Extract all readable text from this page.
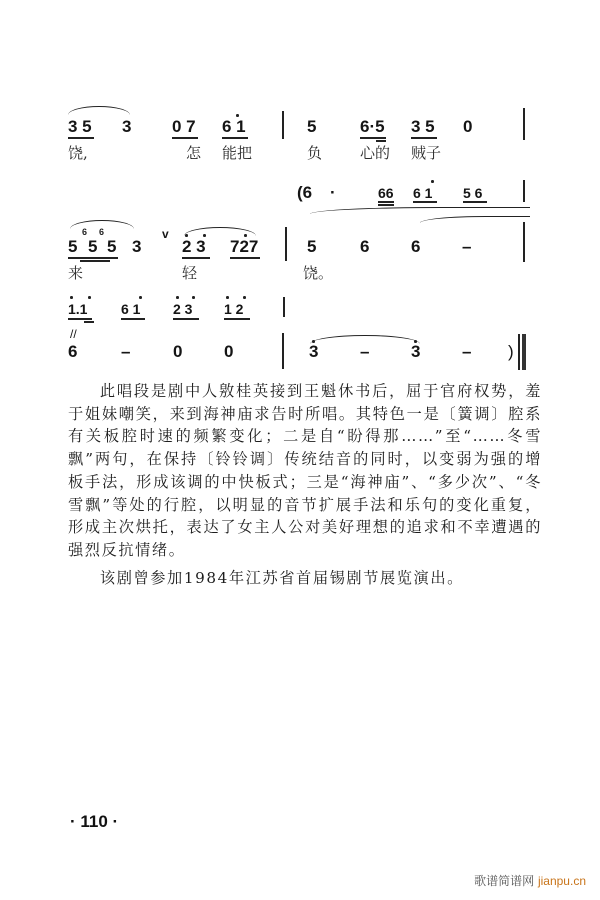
3 5 3 0 7 6 1	5	6·5 3 5 0
饶,	怎 能把	负	心的 贼子
(6 ·	66 6 1 5 6
6 6
5 5 5 3
v
2 3 727	5	6 6 –
来	轻	饶。
1.1 6 1 2 3 1 2
//
6	–	0 0	3 – 3 – )

此唱段是剧中人敫桂英接到王魁休书后，屈于官府权势，羞于姐妹嘲笑，来到海神庙求告时所唱。其特色一是〔簧调〕腔系有关板腔时速的频繁变化；二是自“盼得那……”至“……冬雪飘”两句，在保持〔铃铃调〕传统结音的同时，以变弱为强的增板手法，形成该调的中快板式；三是“海神庙”、“多少次”、“冬雪飘”等处的行腔，以明显的音节扩展手法和乐句的变化重复，形成主次烘托，表达了女主人公对美好理想的追求和不幸遭遇的强烈反抗情绪。

该剧曾参加1984年江苏省首届锡剧节展览演出。

· 110 ·
歌谱简谱网 jianpu.cn
